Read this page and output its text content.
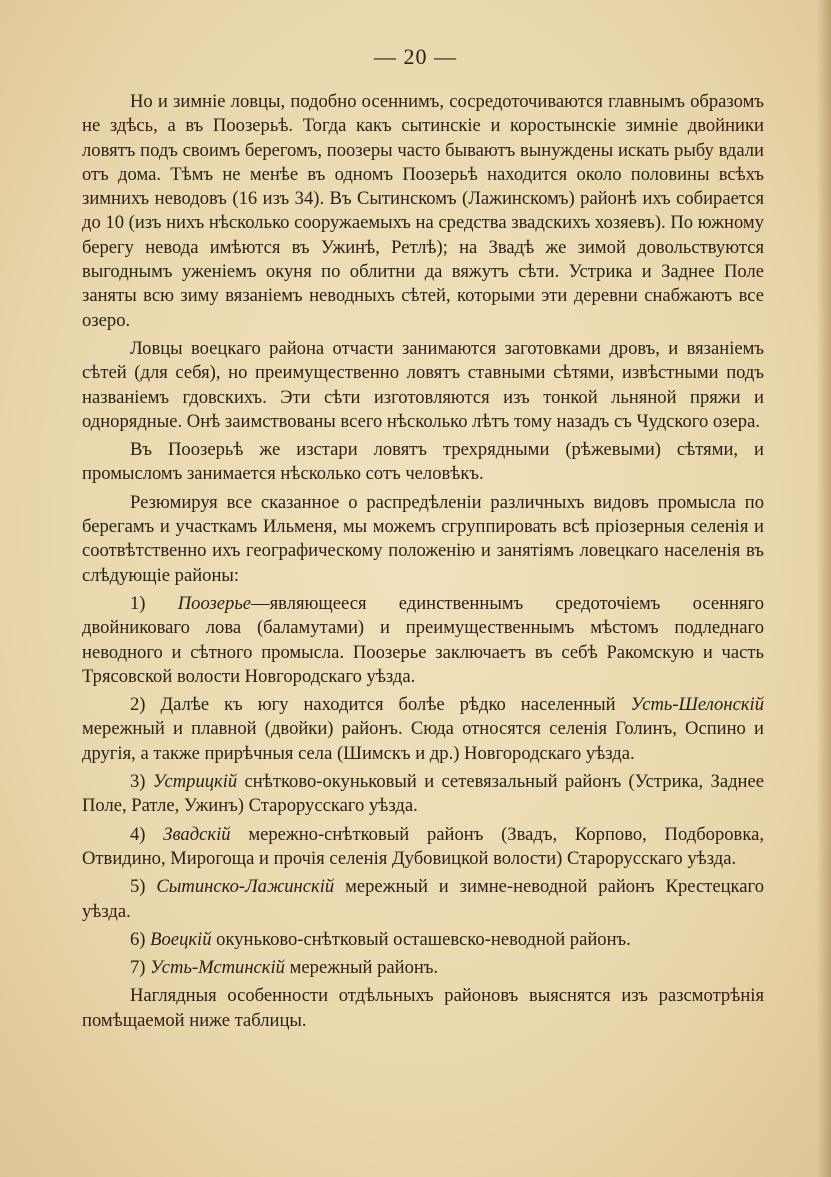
— 20 —

Но и зимніе ловцы, подобно осеннимъ, сосредоточиваются главнымъ образомъ не здѣсь, а въ Поозерьѣ. Тогда какъ сытинскіе и коростынскіе зимніе двойники ловятъ подъ своимъ берегомъ, поозеры часто бываютъ вынуждены искать рыбу вдали отъ дома. Тѣмъ не менѣе въ одномъ Поозерьѣ находится около половины всѣхъ зимнихъ неводовъ (16 изъ 34). Въ Сытинскомъ (Лажинскомъ) районѣ ихъ собирается до 10 (изъ нихъ нѣсколько сооружаемыхъ на средства звадскихъ хозяевъ). По южному берегу невода имѣются въ Ужинѣ, Ретлѣ); на Звадѣ же зимой довольствуются выгоднымъ уженіемъ окуня по облитни да вяжутъ сѣти. Устрика и Заднее Поле заняты всю зиму вязаніемъ неводныхъ сѣтей, которыми эти деревни снабжаютъ все озеро.

Ловцы воецкаго района отчасти занимаются заготовками дровъ, и вязаніемъ сѣтей (для себя), но преимущественно ловятъ ставными сѣтями, извѣстными подъ названіемъ гдовскихъ. Эти сѣти изготовляются изъ тонкой льняной пряжи и однорядные. Онѣ заимствованы всего нѣсколько лѣтъ тому назадъ съ Чудского озера.

Въ Поозерьѣ же изстари ловятъ трехрядными (рѣжевыми) сѣтями, и промысломъ занимается нѣсколько сотъ человѣкъ.

Резюмируя все сказанное о распредѣленіи различныхъ видовъ промысла по берегамъ и участкамъ Ильменя, мы можемъ сгруппировать всѣ пріозерныя селенія и соотвѣтственно ихъ географическому положенію и занятіямъ ловецкаго населенія въ слѣдующіе районы:

1) Поозерье—являющееся единственнымъ средоточіемъ осенняго двойниковаго лова (баламутами) и преимущественнымъ мѣстомъ подледнаго неводного и сѣтного промысла. Поозерье заключаетъ въ себѣ Ракомскую и часть Трясовской волости Новгородскаго уѣзда.

2) Далѣе къ югу находится болѣе рѣдко населенный Усть-Шелонскій мережный и плавной (двойки) районъ. Сюда относятся селенія Голинъ, Оспино и другія, а также приpѣчныя села (Шимскъ и др.) Новгородскаго уѣзда.

3) Устрицкій снѣтково-окуньковый и сетевязальный районъ (Устрика, Заднее Поле, Ратле, Ужинъ) Старорусскаго уѣзда.

4) Звадскій мережно-снѣтковый районъ (Звадъ, Корпово, Подборовка, Отвидино, Мирогоща и прочія селенія Дубовицкой волости) Старорусскаго уѣзда.

5) Сытинско-Лажинскій мережный и зимне-неводной районъ Крестецкаго уѣзда.

6) Воецкій окуньково-снѣтковый осташевско-неводной районъ.

7) Усть-Мстинскій мережный районъ.

Наглядныя особенности отдѣльныхъ районовъ выяснятся изъ разсмотрѣнія помѣщаемой ниже таблицы.
